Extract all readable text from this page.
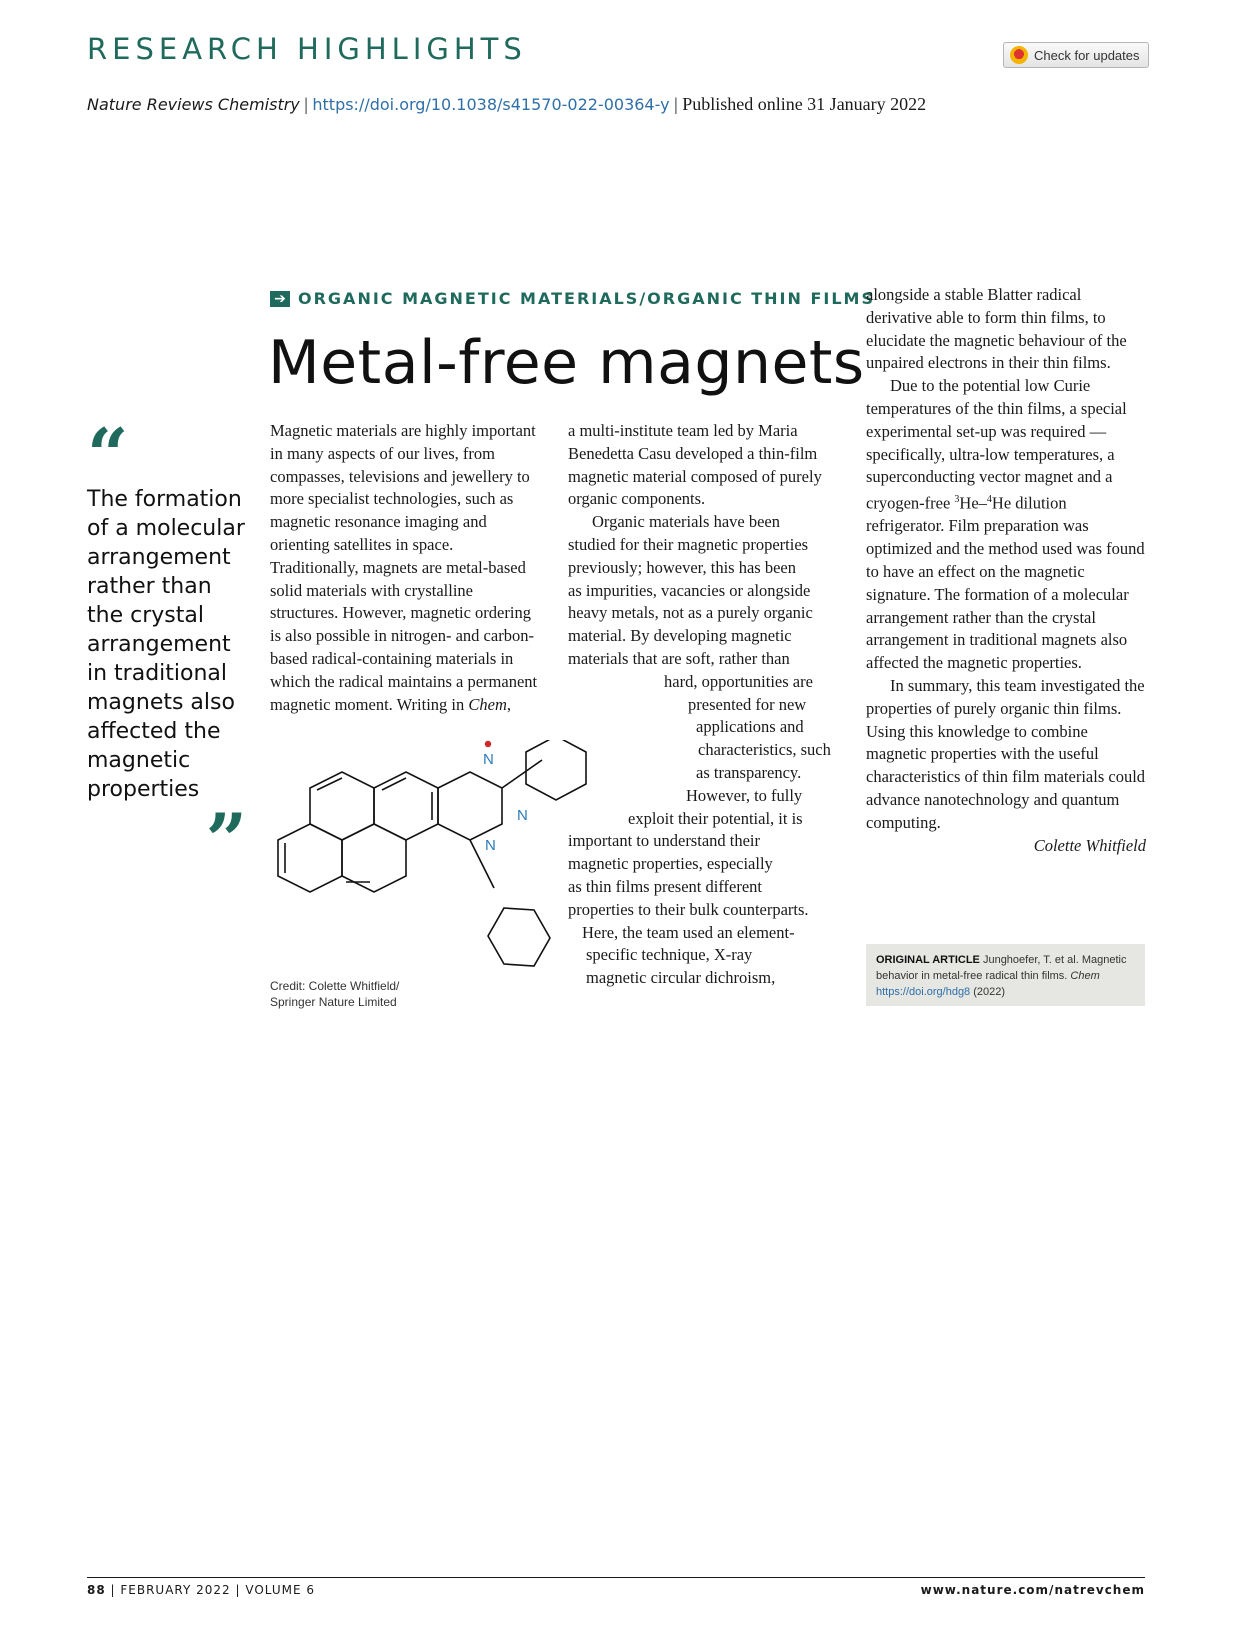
RESEARCH HIGHLIGHTS	Check for updates
Nature Reviews Chemistry | https://doi.org/10.1038/s41570-022-00364-y | Published online 31 January 2022
➔ ORGANIC MAGNETIC MATERIALS/ORGANIC THIN FILMS
Metal-free magnets
“
The formation of a molecular arrangement rather than the crystal arrangement in traditional magnets also affected the magnetic properties
”

Magnetic materials are highly important in many aspects of our lives, from compasses, televisions and jewellery to more specialist technologies, such as magnetic resonance imaging and orienting satellites in space. Traditionally, magnets are metal-based solid materials with crystalline structures. However, magnetic ordering is also possible in nitrogen- and carbon-based radical-containing materials in which the radical maintains a permanent magnetic moment. Writing in Chem,

N
N
N
Credit: Colette Whitfield/ Springer Nature Limited

a multi-institute team led by Maria Benedetta Casu developed a thin-film magnetic material composed of purely organic components.

Organic materials have been
studied for their magnetic properties
previously; however, this has been
as impurities, vacancies or alongside
heavy metals, not as a purely organic
material. By developing magnetic
materials that are soft, rather than
hard, opportunities are
presented for new
applications and
characteristics, such
as transparency.
However, to fully
exploit their potential, it is
important to understand their
magnetic properties, especially
as thin films present different
properties to their bulk counterparts.
Here, the team used an element-
specific technique, X-ray
magnetic circular dichroism,

alongside a stable Blatter radical derivative able to form thin films, to elucidate the magnetic behaviour of the unpaired electrons in their thin films.

Due to the potential low Curie temperatures of the thin films, a special experimental set-up was required — specifically, ultra-low temperatures, a superconducting vector magnet and a cryogen-free $^3$He–$^4$He dilution refrigerator. Film preparation was optimized and the method used was found to have an effect on the magnetic signature. The formation of a molecular arrangement rather than the crystal arrangement in traditional magnets also affected the magnetic properties.

In summary, this team investigated the properties of purely organic thin films. Using this knowledge to combine magnetic properties with the useful characteristics of thin film materials could advance nanotechnology and quantum computing.

Colette Whitfield

ORIGINAL ARTICLE Junghoefer, T. et al. Magnetic behavior in metal-free radical thin films. Chem https://doi.org/hdg8 (2022)
88 | FEBRUARY 2022 | VOLUME 6	www.nature.com/natrevchem
